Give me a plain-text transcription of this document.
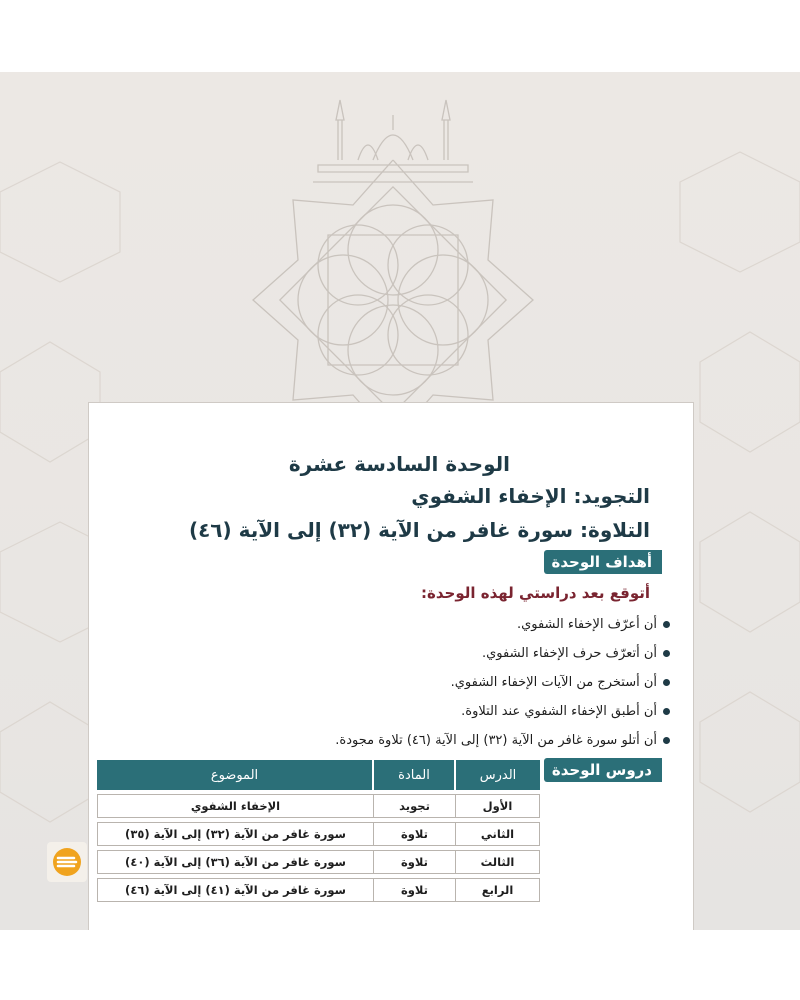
الوحدة السادسة عشرة
التجويد: الإخفاء الشفوي
التلاوة: سورة غافر من الآية (٣٢) إلى الآية (٤٦)
أهداف الوحدة
أتوقع بعد دراستي لهذه الوحدة:
أن أعرّف الإخفاء الشفوي.
أن أتعرّف حرف الإخفاء الشفوي.
أن أستخرج من الآيات الإخفاء الشفوي.
أن أطبق الإخفاء الشفوي عند التلاوة.
أن أتلو سورة غافر من الآية (٣٢) إلى الآية (٤٦) تلاوة مجودة.
دروس الوحدة
الدرس	المادة	الموضوع
الأول	تجويد	الإخفاء الشفوي
الثاني	تلاوة	سورة غافر من الآية (٣٢) إلى الآية (٣٥)
الثالث	تلاوة	سورة غافر من الآية (٣٦) إلى الآية (٤٠)
الرابع	تلاوة	سورة غافر من الآية (٤١) إلى الآية (٤٦)
